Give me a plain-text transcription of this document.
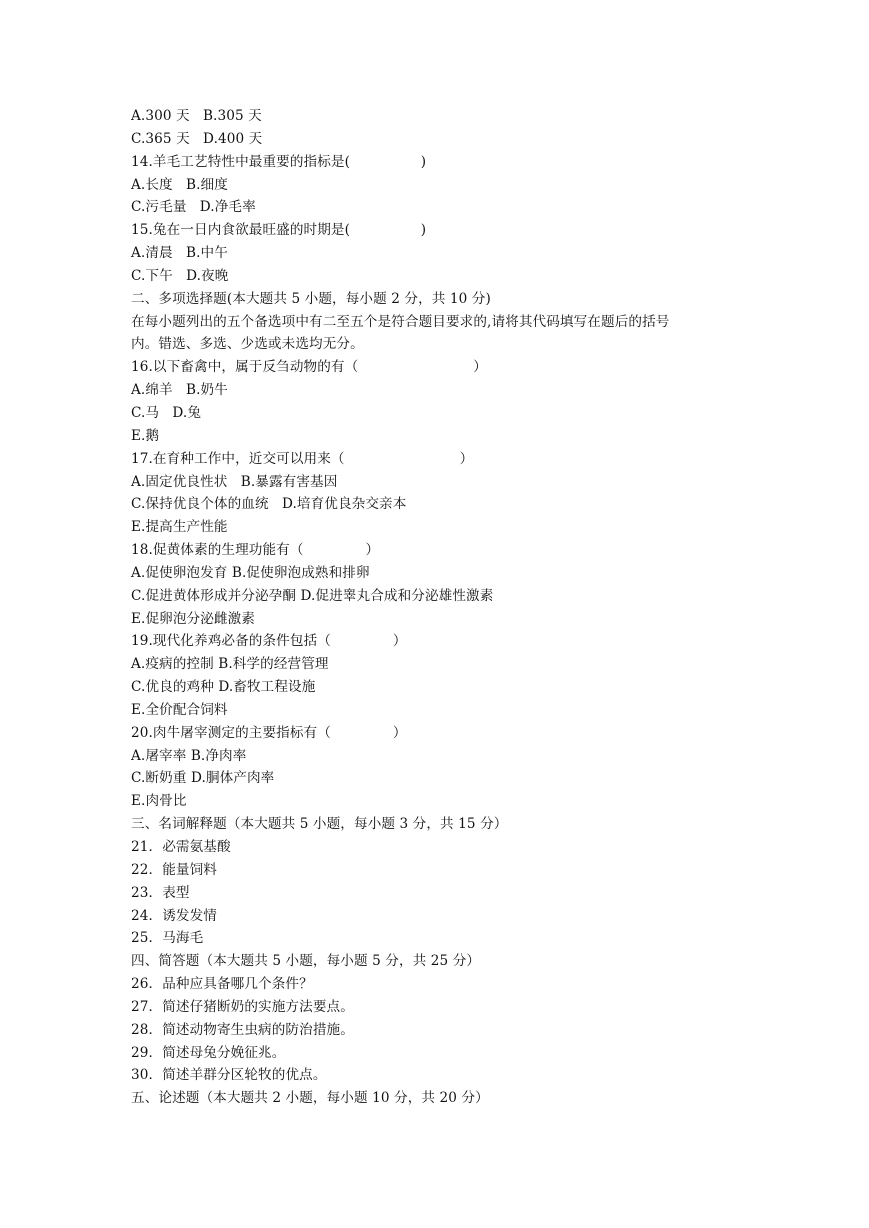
A.300 天   B.305 天
C.365 天   D.400 天
14.羊毛工艺特性中最重要的指标是(                )
A.长度   B.细度
C.污毛量   D.净毛率
15.兔在一日内食欲最旺盛的时期是(                )
A.清晨   B.中午
C.下午   D.夜晚
二、多项选择题(本大题共 5 小题，每小题 2 分，共 10 分)
在每小题列出的五个备选项中有二至五个是符合题目要求的,请将其代码填写在题后的括号
内。错选、多选、少选或未选均无分。
16.以下畜禽中，属于反刍动物的有（                          ）
A.绵羊   B.奶牛
C.马   D.兔
E.鹅
17.在育种工作中，近交可以用来（                          ）
A.固定优良性状   B.暴露有害基因
C.保持优良个体的血统   D.培育优良杂交亲本
E.提高生产性能
18.促黄体素的生理功能有（              ）
A.促使卵泡发育 B.促使卵泡成熟和排卵
C.促进黄体形成并分泌孕酮 D.促进睾丸合成和分泌雄性激素
E.促卵泡分泌雌激素
19.现代化养鸡必备的条件包括（              ）
A.疫病的控制 B.科学的经营管理
C.优良的鸡种 D.畜牧工程设施
E.全价配合饲料
20.肉牛屠宰测定的主要指标有（              ）
A.屠宰率 B.净肉率
C.断奶重 D.胴体产肉率
E.肉骨比
三、名词解释题（本大题共 5 小题，每小题 3 分，共 15 分）
21．必需氨基酸
22．能量饲料
23．表型
24．诱发发情
25．马海毛
四、简答题（本大题共 5 小题，每小题 5 分，共 25 分）
26．品种应具备哪几个条件？
27．简述仔猪断奶的实施方法要点。
28．简述动物寄生虫病的防治措施。
29．简述母兔分娩征兆。
30．简述羊群分区轮牧的优点。
五、论述题（本大题共 2 小题，每小题 10 分，共 20 分）
